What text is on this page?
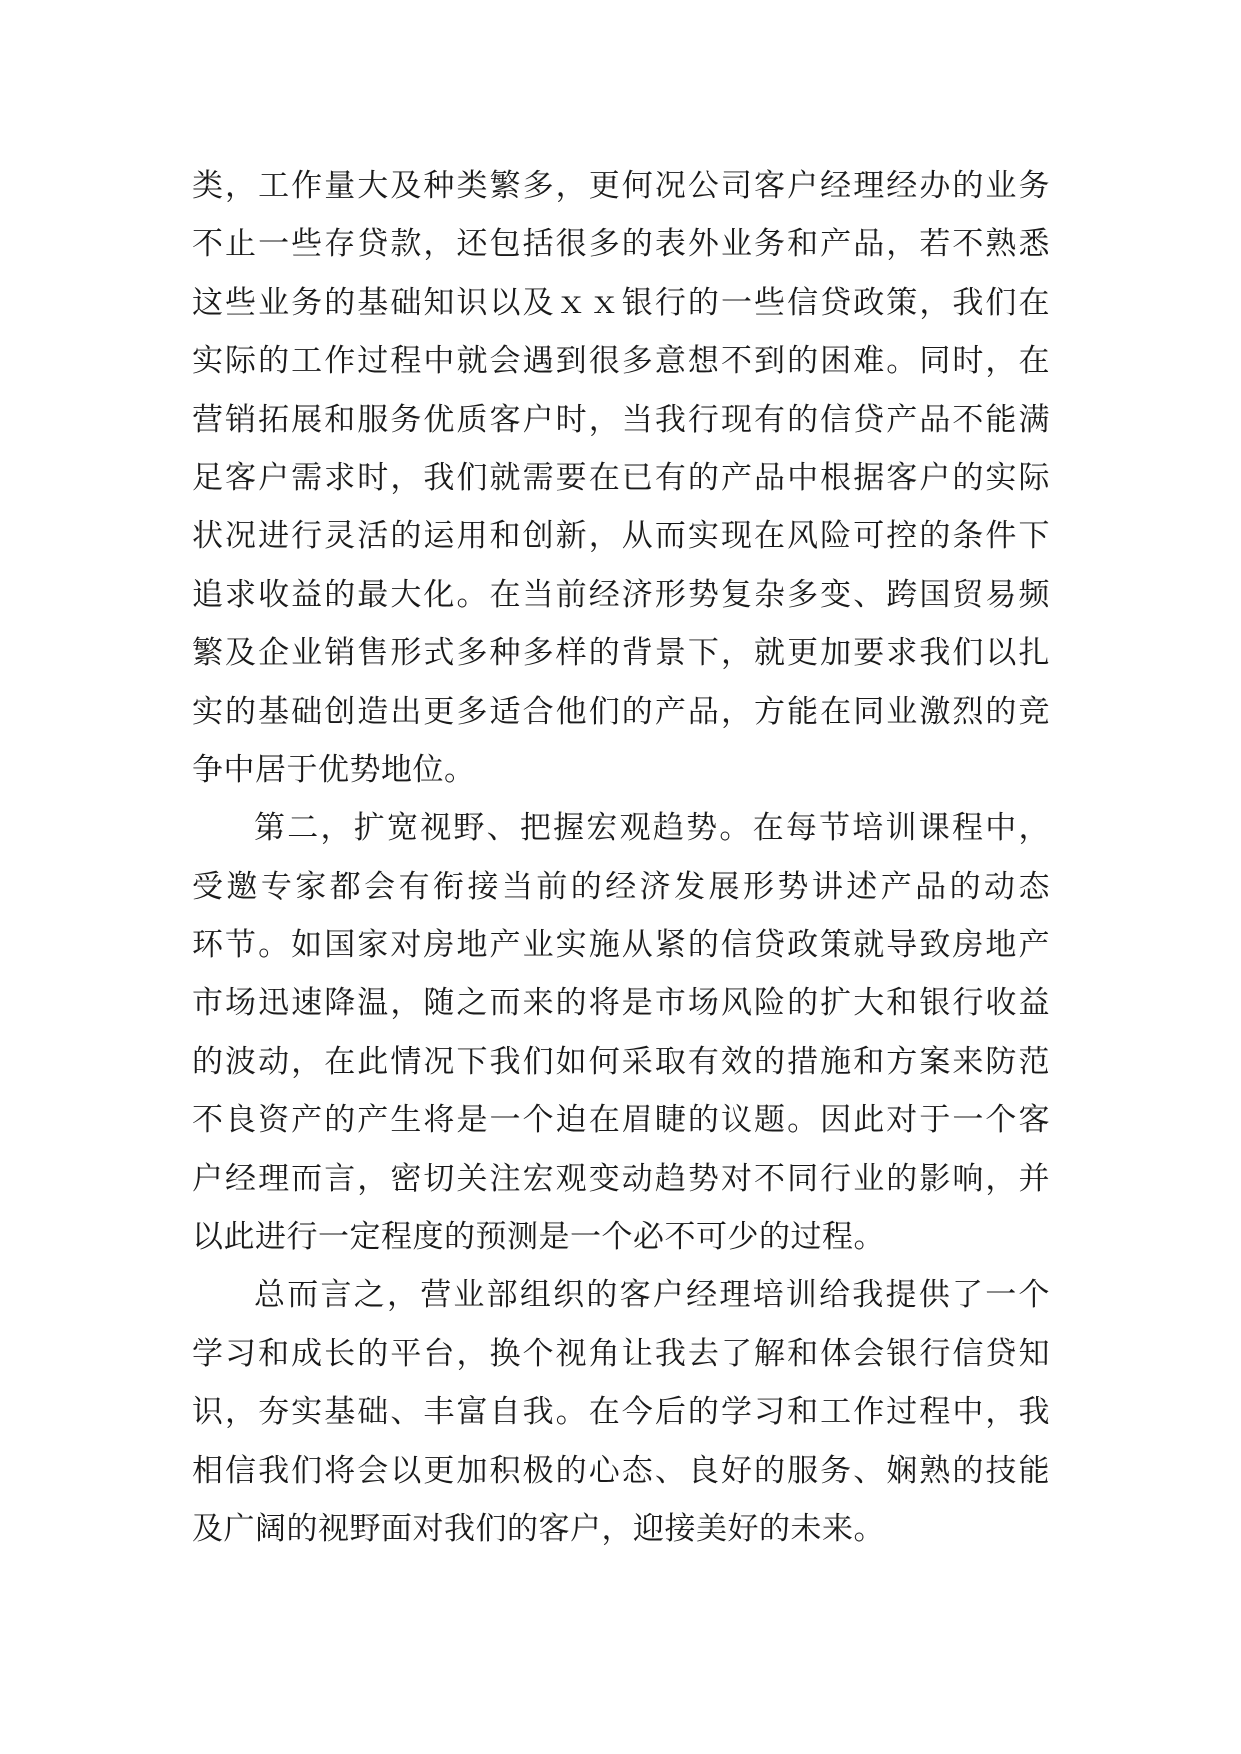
类，工作量大及种类繁多，更何况公司客户经理经办的业务
不止一些存贷款，还包括很多的表外业务和产品，若不熟悉
这些业务的基础知识以及ｘｘ银行的一些信贷政策，我们在
实际的工作过程中就会遇到很多意想不到的困难。同时，在
营销拓展和服务优质客户时，当我行现有的信贷产品不能满
足客户需求时，我们就需要在已有的产品中根据客户的实际
状况进行灵活的运用和创新，从而实现在风险可控的条件下
追求收益的最大化。在当前经济形势复杂多变、跨国贸易频
繁及企业销售形式多种多样的背景下，就更加要求我们以扎
实的基础创造出更多适合他们的产品，方能在同业激烈的竞
争中居于优势地位。
第二，扩宽视野、把握宏观趋势。在每节培训课程中，
受邀专家都会有衔接当前的经济发展形势讲述产品的动态
环节。如国家对房地产业实施从紧的信贷政策就导致房地产
市场迅速降温，随之而来的将是市场风险的扩大和银行收益
的波动，在此情况下我们如何采取有效的措施和方案来防范
不良资产的产生将是一个迫在眉睫的议题。因此对于一个客
户经理而言，密切关注宏观变动趋势对不同行业的影响，并
以此进行一定程度的预测是一个必不可少的过程。
总而言之，营业部组织的客户经理培训给我提供了一个
学习和成长的平台，换个视角让我去了解和体会银行信贷知
识，夯实基础、丰富自我。在今后的学习和工作过程中，我
相信我们将会以更加积极的心态、良好的服务、娴熟的技能
及广阔的视野面对我们的客户，迎接美好的未来。
